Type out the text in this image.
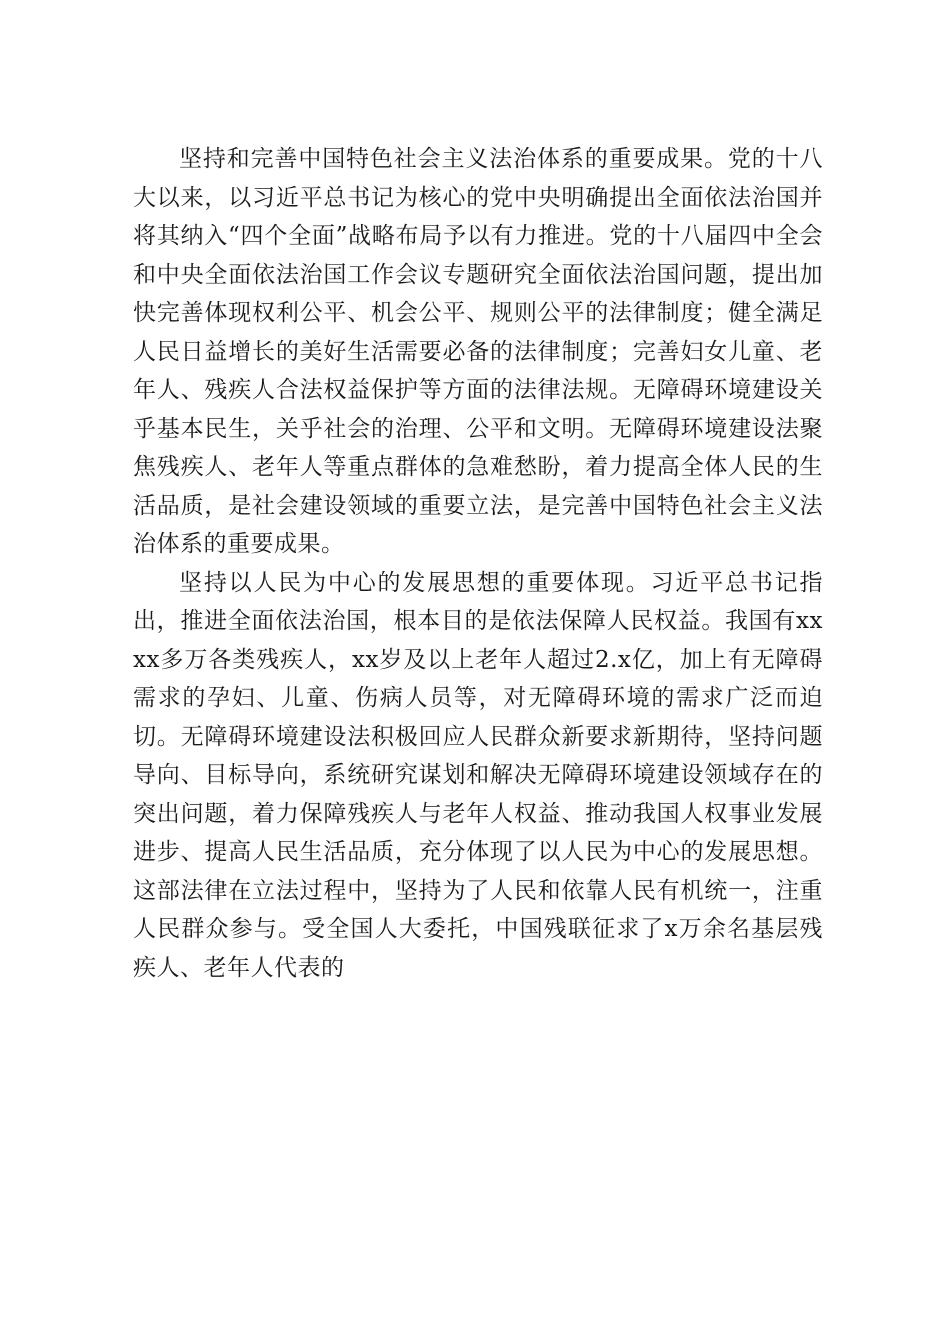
坚持和完善中国特色社会主义法治体系的重要成果。党的十八大以来，以习近平总书记为核心的党中央明确提出全面依法治国并将其纳入“四个全面”战略布局予以有力推进。党的十八届四中全会和中央全面依法治国工作会议专题研究全面依法治国问题，提出加快完善体现权利公平、机会公平、规则公平的法律制度；健全满足人民日益增长的美好生活需要必备的法律制度；完善妇女儿童、老年人、残疾人合法权益保护等方面的法律法规。无障碍环境建设关乎基本民生，关乎社会的治理、公平和文明。无障碍环境建设法聚焦残疾人、老年人等重点群体的急难愁盼，着力提高全体人民的生活品质，是社会建设领域的重要立法，是完善中国特色社会主义法治体系的重要成果。

坚持以人民为中心的发展思想的重要体现。习近平总书记指出，推进全面依法治国，根本目的是依法保障人民权益。我国有xxxx多万各类残疾人，xx岁及以上老年人超过2.x亿，加上有无障碍需求的孕妇、儿童、伤病人员等，对无障碍环境的需求广泛而迫切。无障碍环境建设法积极回应人民群众新要求新期待，坚持问题导向、目标导向，系统研究谋划和解决无障碍环境建设领域存在的突出问题，着力保障残疾人与老年人权益、推动我国人权事业发展进步、提高人民生活品质，充分体现了以人民为中心的发展思想。这部法律在立法过程中，坚持为了人民和依靠人民有机统一，注重人民群众参与。受全国人大委托，中国残联征求了x万余名基层残疾人、老年人代表的
